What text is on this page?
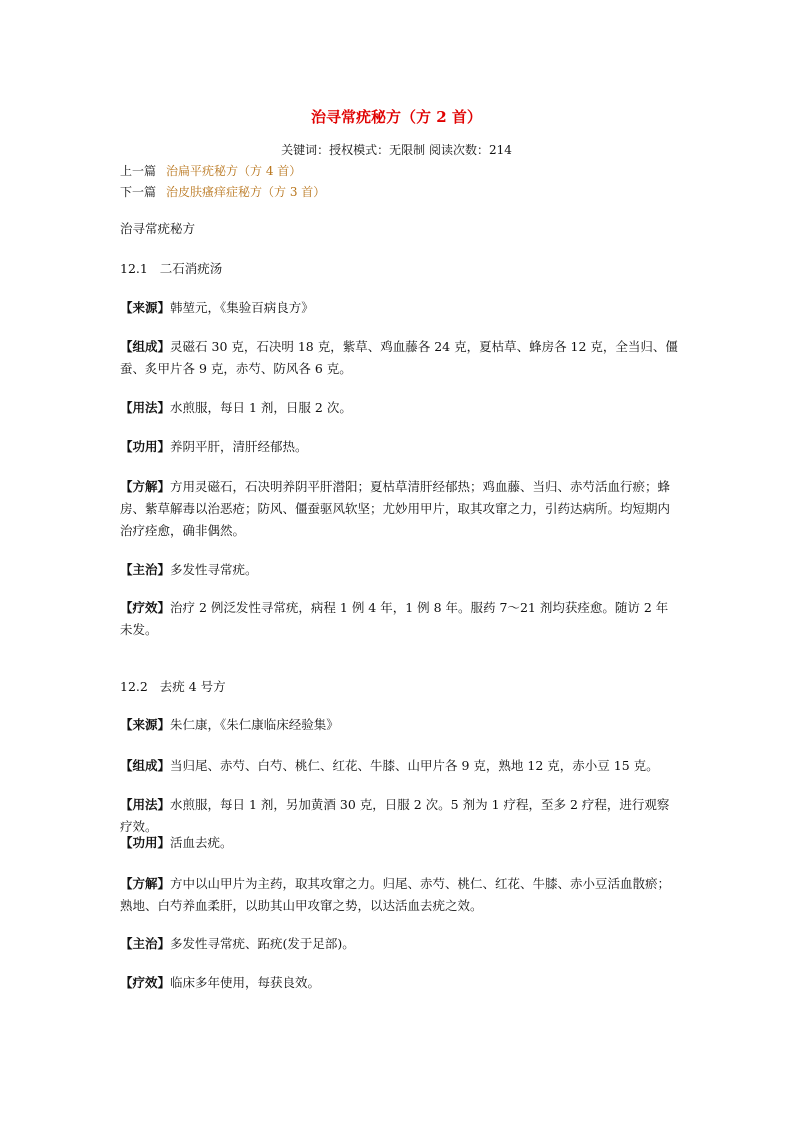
治寻常疣秘方（方 2 首）
关键词：授权模式：无限制 阅读次数：214
上一篇 治扁平疣秘方（方 4 首）
下一篇 治皮肤瘙痒症秘方（方 3 首）
治寻常疣秘方
12.1 二石消疣汤
【来源】韩堃元，《集验百病良方》
【组成】灵磁石 30 克，石决明 18 克，紫草、鸡血藤各 24 克，夏枯草、蜂房各 12 克，全当归、僵蚕、炙甲片各 9 克，赤芍、防风各 6 克。
【用法】水煎服，每日 1 剂，日服 2 次。
【功用】养阴平肝，清肝经郁热。
【方解】方用灵磁石，石决明养阴平肝潜阳；夏枯草清肝经郁热；鸡血藤、当归、赤芍活血行瘀；蜂房、紫草解毒以治恶疮；防风、僵蚕驱风软坚；尤妙用甲片，取其攻窜之力，引药达病所。均短期内治疗痊愈，确非偶然。
【主治】多发性寻常疣。
【疗效】治疗 2 例泛发性寻常疣，病程 1 例 4 年，1 例 8 年。服药 7～21 剂均获痊愈。随访 2 年未发。
12.2 去疣 4 号方
【来源】朱仁康，《朱仁康临床经验集》
【组成】当归尾、赤芍、白芍、桃仁、红花、牛膝、山甲片各 9 克，熟地 12 克，赤小豆 15 克。
【用法】水煎服，每日 1 剂，另加黄酒 30 克，日服 2 次。5 剂为 1 疗程，至多 2 疗程，进行观察疗效。
【功用】活血去疣。
【方解】方中以山甲片为主药，取其攻窜之力。归尾、赤芍、桃仁、红花、牛膝、赤小豆活血散瘀；熟地、白芍养血柔肝，以助其山甲攻窜之势，以达活血去疣之效。
【主治】多发性寻常疣、跖疣(发于足部)。
【疗效】临床多年使用，每获良效。
